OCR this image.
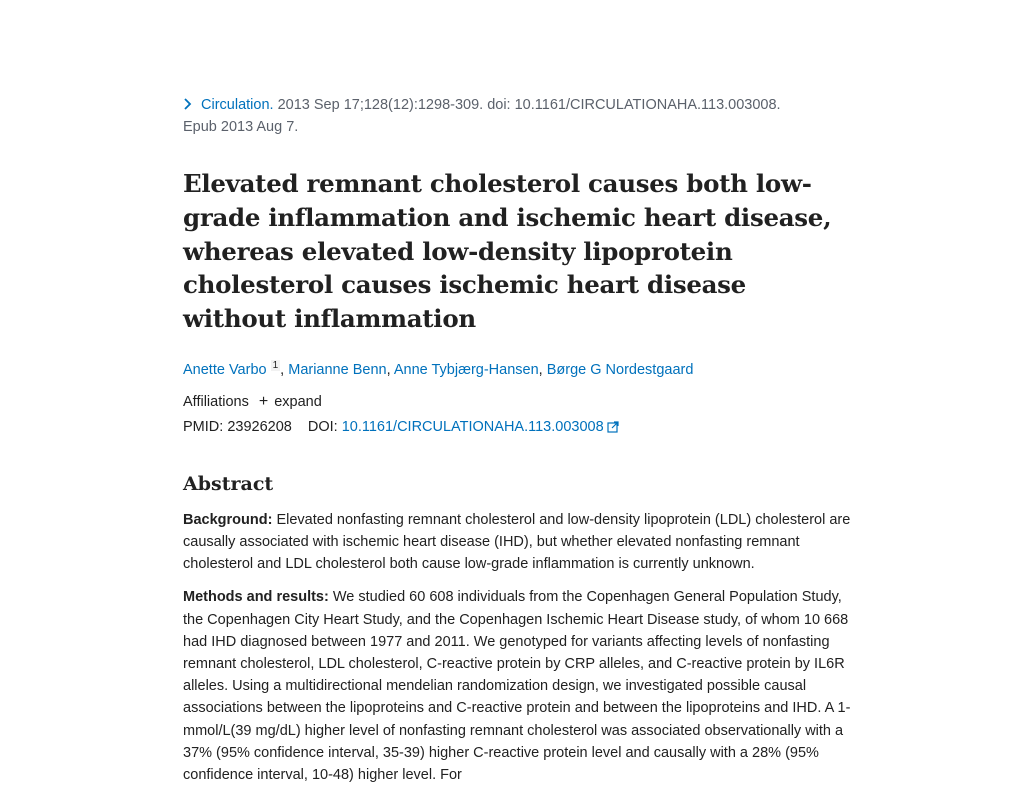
Circulation. 2013 Sep 17;128(12):1298-309. doi: 10.1161/CIRCULATIONAHA.113.003008.
Epub 2013 Aug 7.
Elevated remnant cholesterol causes both low-grade inflammation and ischemic heart disease, whereas elevated low-density lipoprotein cholesterol causes ischemic heart disease without inflammation
Anette Varbo $^1$ , Marianne Benn, Anne Tybjærg-Hansen, Børge G Nordestgaard
Affiliations + expand
PMID: 23926208 DOI: 10.1161/CIRCULATIONAHA.113.003008
Abstract

Background: Elevated nonfasting remnant cholesterol and low-density lipoprotein (LDL) cholesterol are causally associated with ischemic heart disease (IHD), but whether elevated nonfasting remnant cholesterol and LDL cholesterol both cause low-grade inflammation is currently unknown.

Methods and results: We studied 60 608 individuals from the Copenhagen General Population Study, the Copenhagen City Heart Study, and the Copenhagen Ischemic Heart Disease study, of whom 10 668 had IHD diagnosed between 1977 and 2011. We genotyped for variants affecting levels of nonfasting remnant cholesterol, LDL cholesterol, C-reactive protein by CRP alleles, and C-reactive protein by IL6R alleles. Using a multidirectional mendelian randomization design, we investigated possible causal associations between the lipoproteins and C-reactive protein and between the lipoproteins and IHD. A 1-mmol/L(39 mg/dL) higher level of nonfasting remnant cholesterol was associated observationally with a 37% (95% confidence interval, 35-39) higher C-reactive protein level and causally with a 28% (95% confidence interval, 10-48) higher level. For
